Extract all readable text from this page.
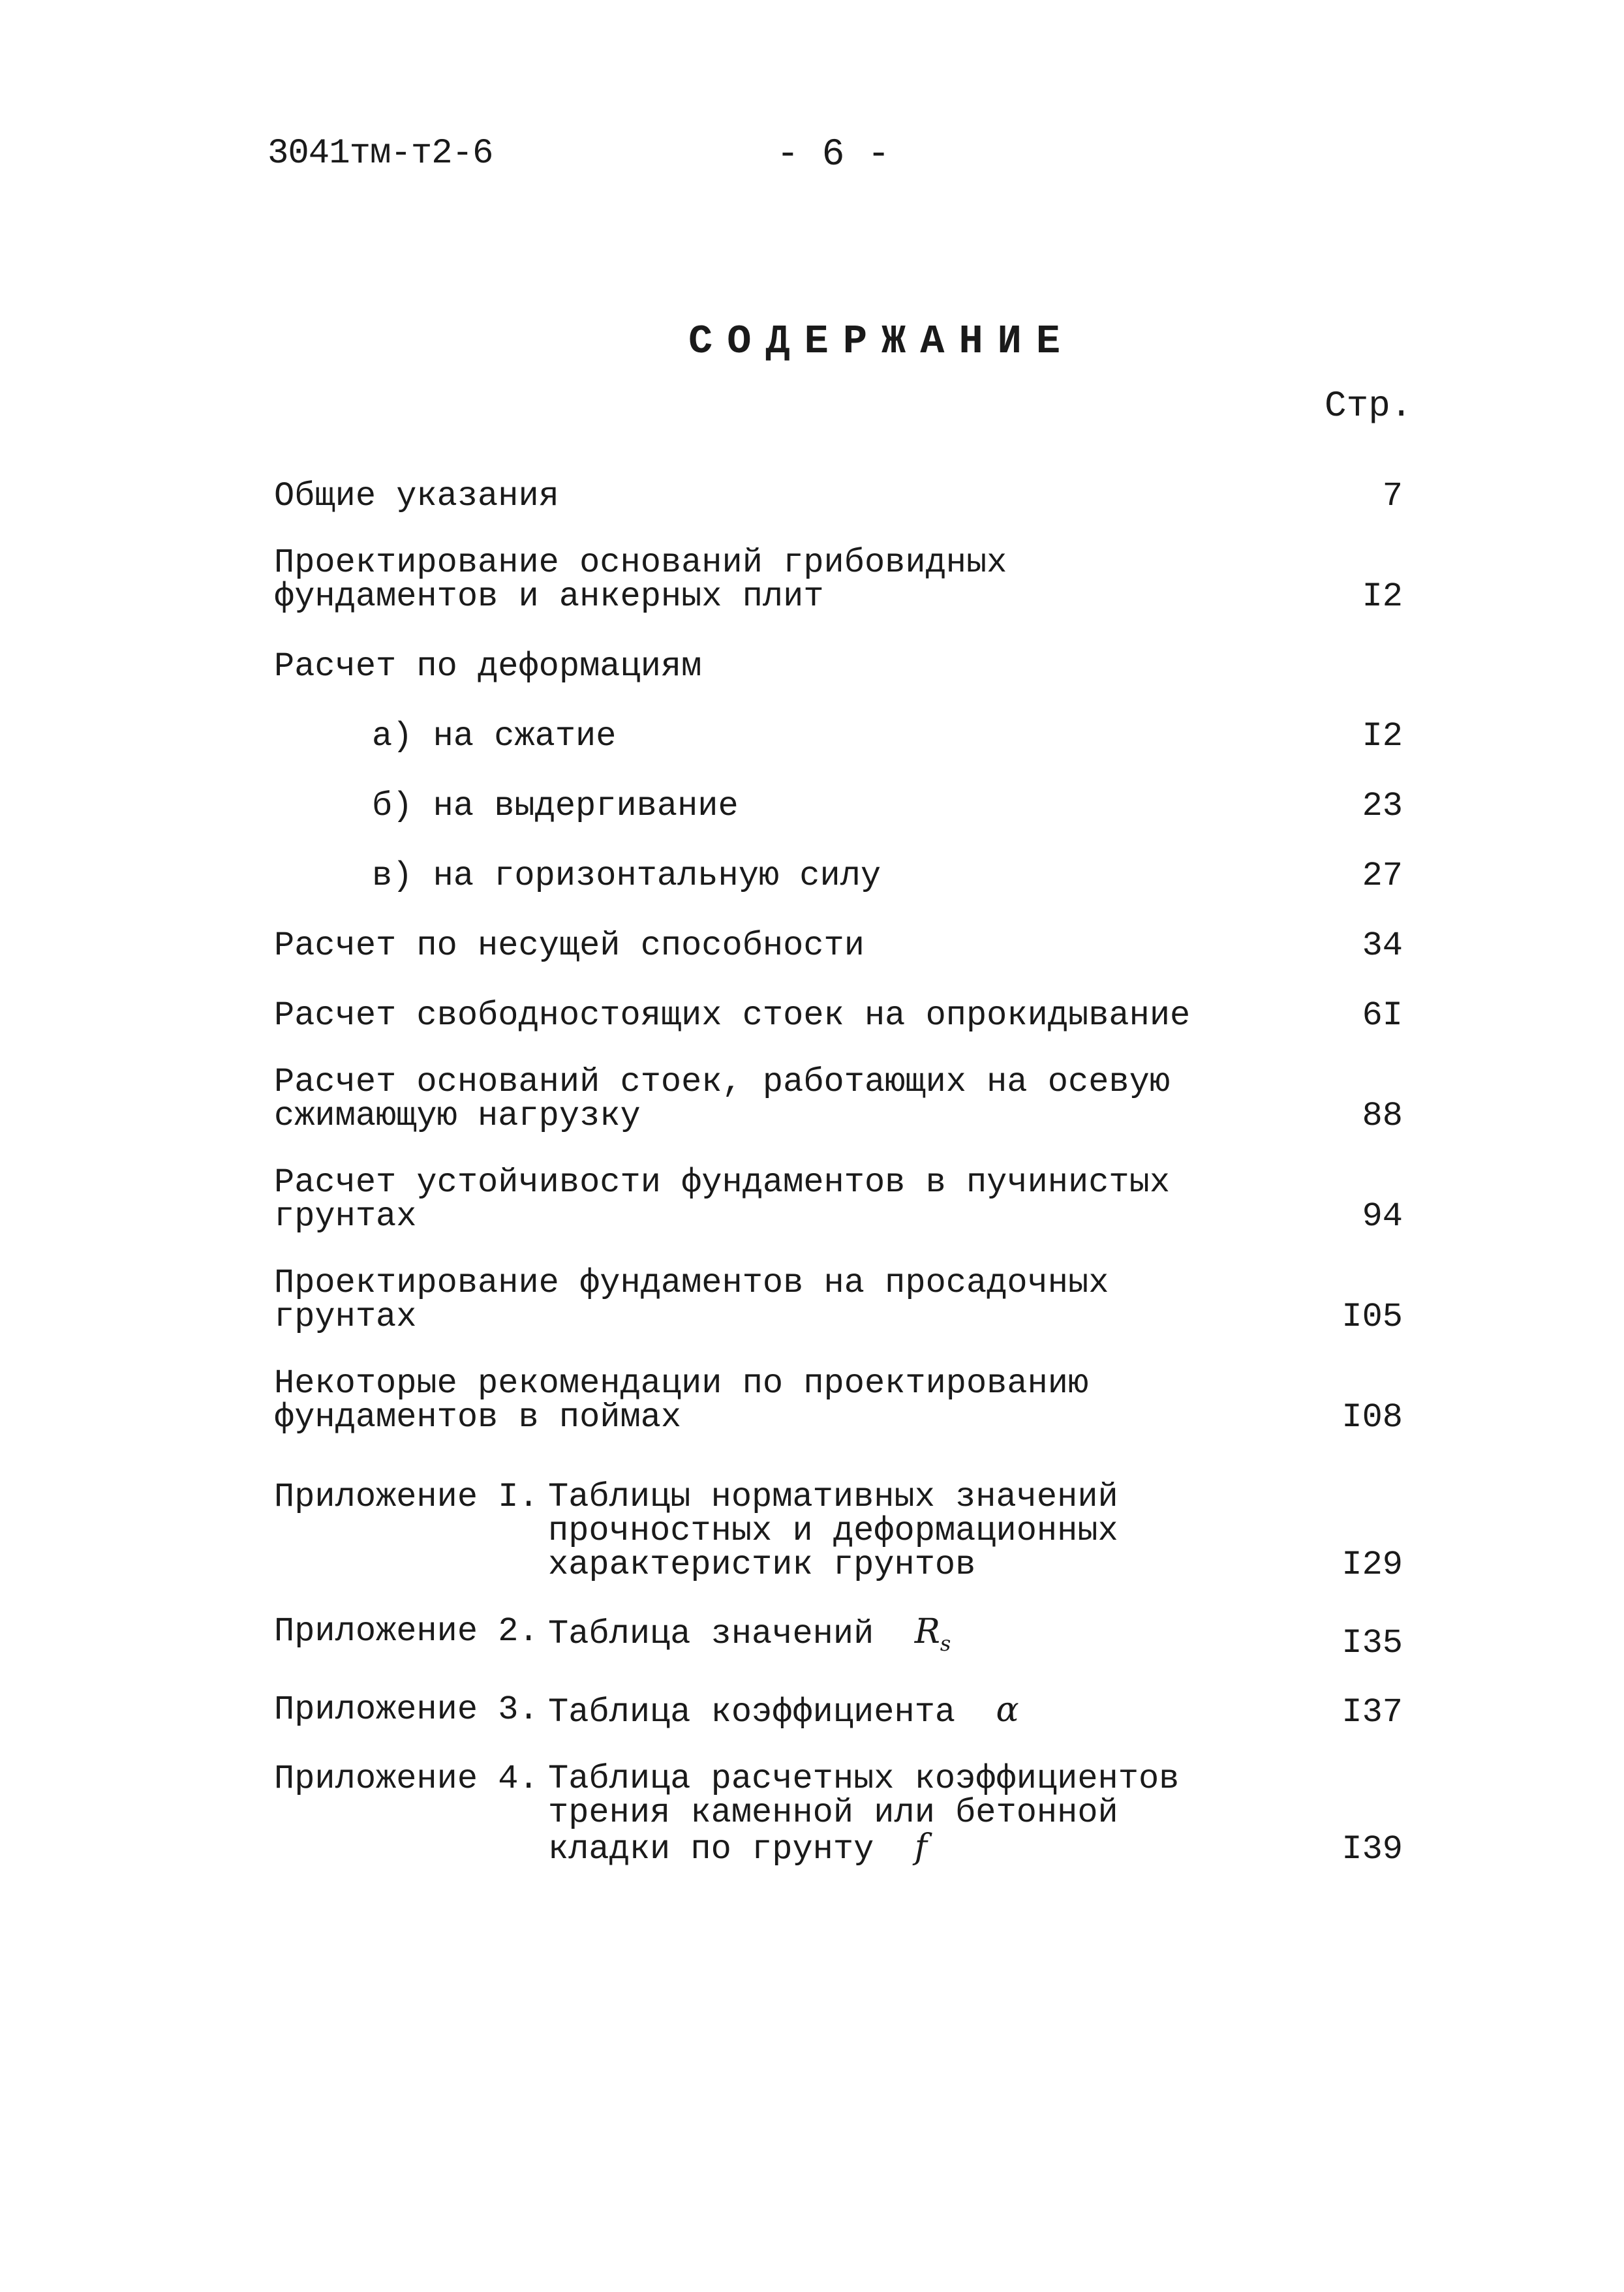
3041тм-т2-6	- 6 -
СОДЕРЖАНИЕ
Стр.
Общие указания	7
Проектирование оснований грибовидных
фундаментов и анкерных плит	I2
Расчет по деформациям
а) на сжатие	I2
б) на выдергивание	23
в) на горизонтальную силу	27
Расчет по несущей способности	34
Расчет свободностоящих стоек на опрокидывание	6I
Расчет оснований стоек, работающих на осевую
сжимающую нагрузку	88
Расчет устойчивости фундаментов в пучинистых
грунтах	94
Проектирование фундаментов на просадочных
грунтах	I05
Некоторые рекомендации по проектированию
фундаментов в поймах	I08
Приложение I. Таблицы нормативных значений
прочностных и деформационных
характеристик грунтов	I29
Приложение 2. Таблица значений $R_s$	I35
Приложение 3. Таблица коэффициента α	I37
Приложение 4. Таблица расчетных коэффициентов
трения каменной или бетонной
кладки по грунту f	I39
